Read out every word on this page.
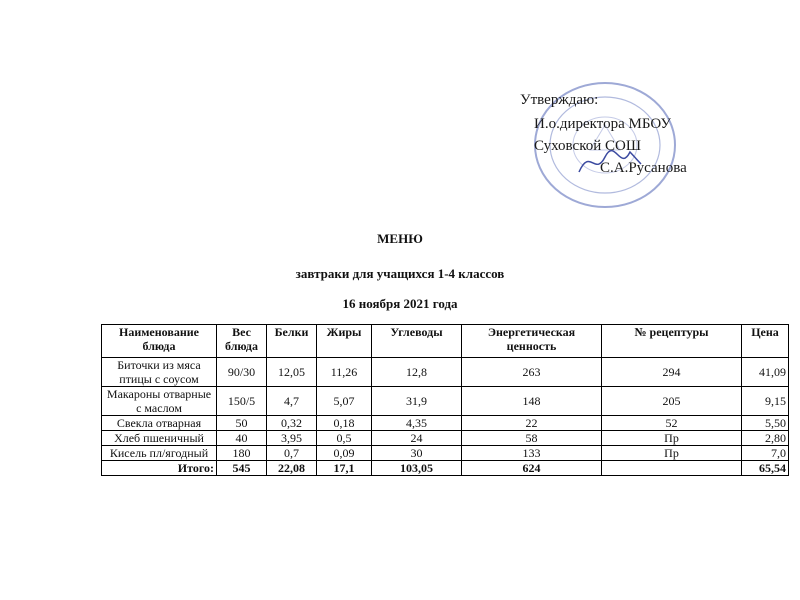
Утверждаю:
И.о.директора МБОУ
Суховской СОШ
С.А.Русанова
МЕНЮ
завтраки для учащихся 1-4 классов
16 ноября 2021 года
Наименование блюда	Вес блюда	Белки	Жиры	Углеводы	Энергетическая ценность	№ рецептуры	Цена
Биточки из мяса птицы с соусом	90/30	12,05	11,26	12,8	263	294	41,09
Макароны отварные с маслом	150/5	4,7	5,07	31,9	148	205	9,15
Свекла отварная	50	0,32	0,18	4,35	22	52	5,50
Хлеб пшеничный	40	3,95	0,5	24	58	Пр	2,80
Кисель пл/ягодный	180	0,7	0,09	30	133	Пр	7,0
Итого:	545	22,08	17,1	103,05	624		65,54
